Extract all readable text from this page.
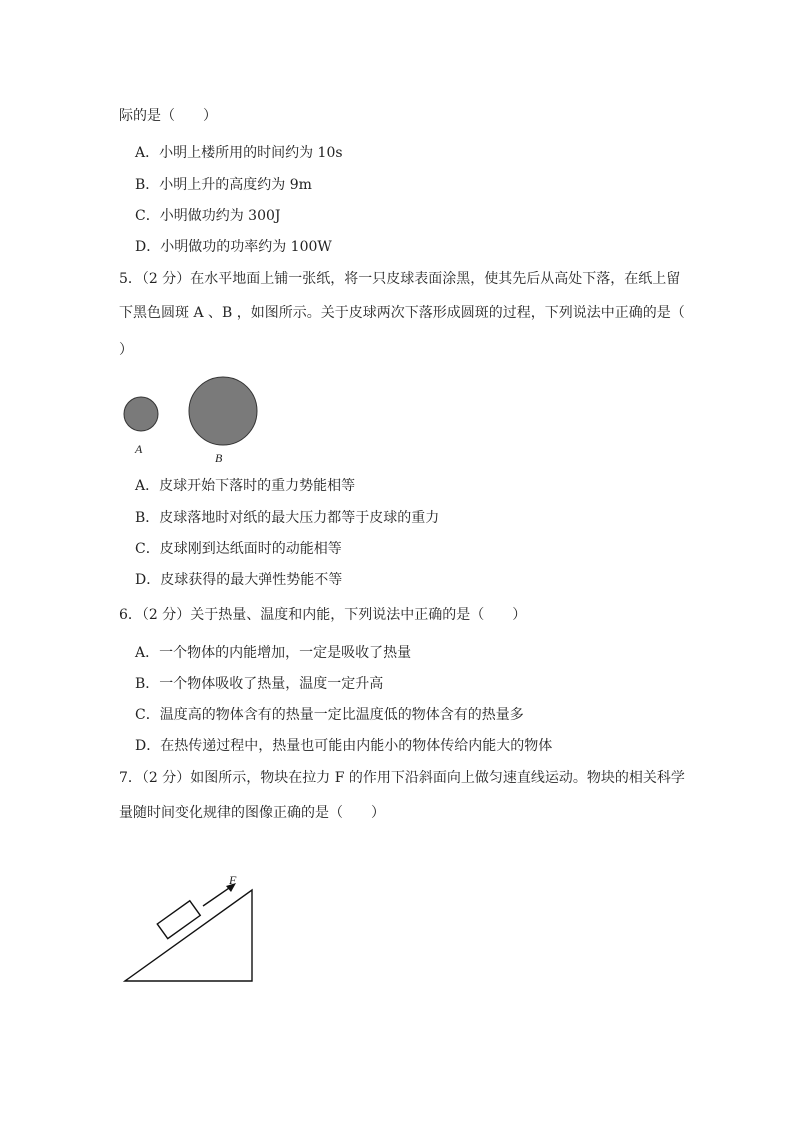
际的是（　　）
A．小明上楼所用的时间约为 10s
B．小明上升的高度约为 9m
C．小明做功约为 300J
D．小明做功的功率约为 100W
5．（2 分）在水平地面上铺一张纸，将一只皮球表面涂黑，使其先后从高处下落，在纸上留
下黑色圆斑 A 、B ，如图所示。关于皮球两次下落形成圆斑的过程，下列说法中正确的是（
）
A
B
A．皮球开始下落时的重力势能相等
B．皮球落地时对纸的最大压力都等于皮球的重力
C．皮球刚到达纸面时的动能相等
D．皮球获得的最大弹性势能不等
6．（2 分）关于热量、温度和内能，下列说法中正确的是（　　）
A．一个物体的内能增加，一定是吸收了热量
B．一个物体吸收了热量，温度一定升高
C．温度高的物体含有的热量一定比温度低的物体含有的热量多
D．在热传递过程中，热量也可能由内能小的物体传给内能大的物体
7．（2 分）如图所示，物块在拉力 F 的作用下沿斜面向上做匀速直线运动。物块的相关科学
量随时间变化规律的图像正确的是（　　）
F
